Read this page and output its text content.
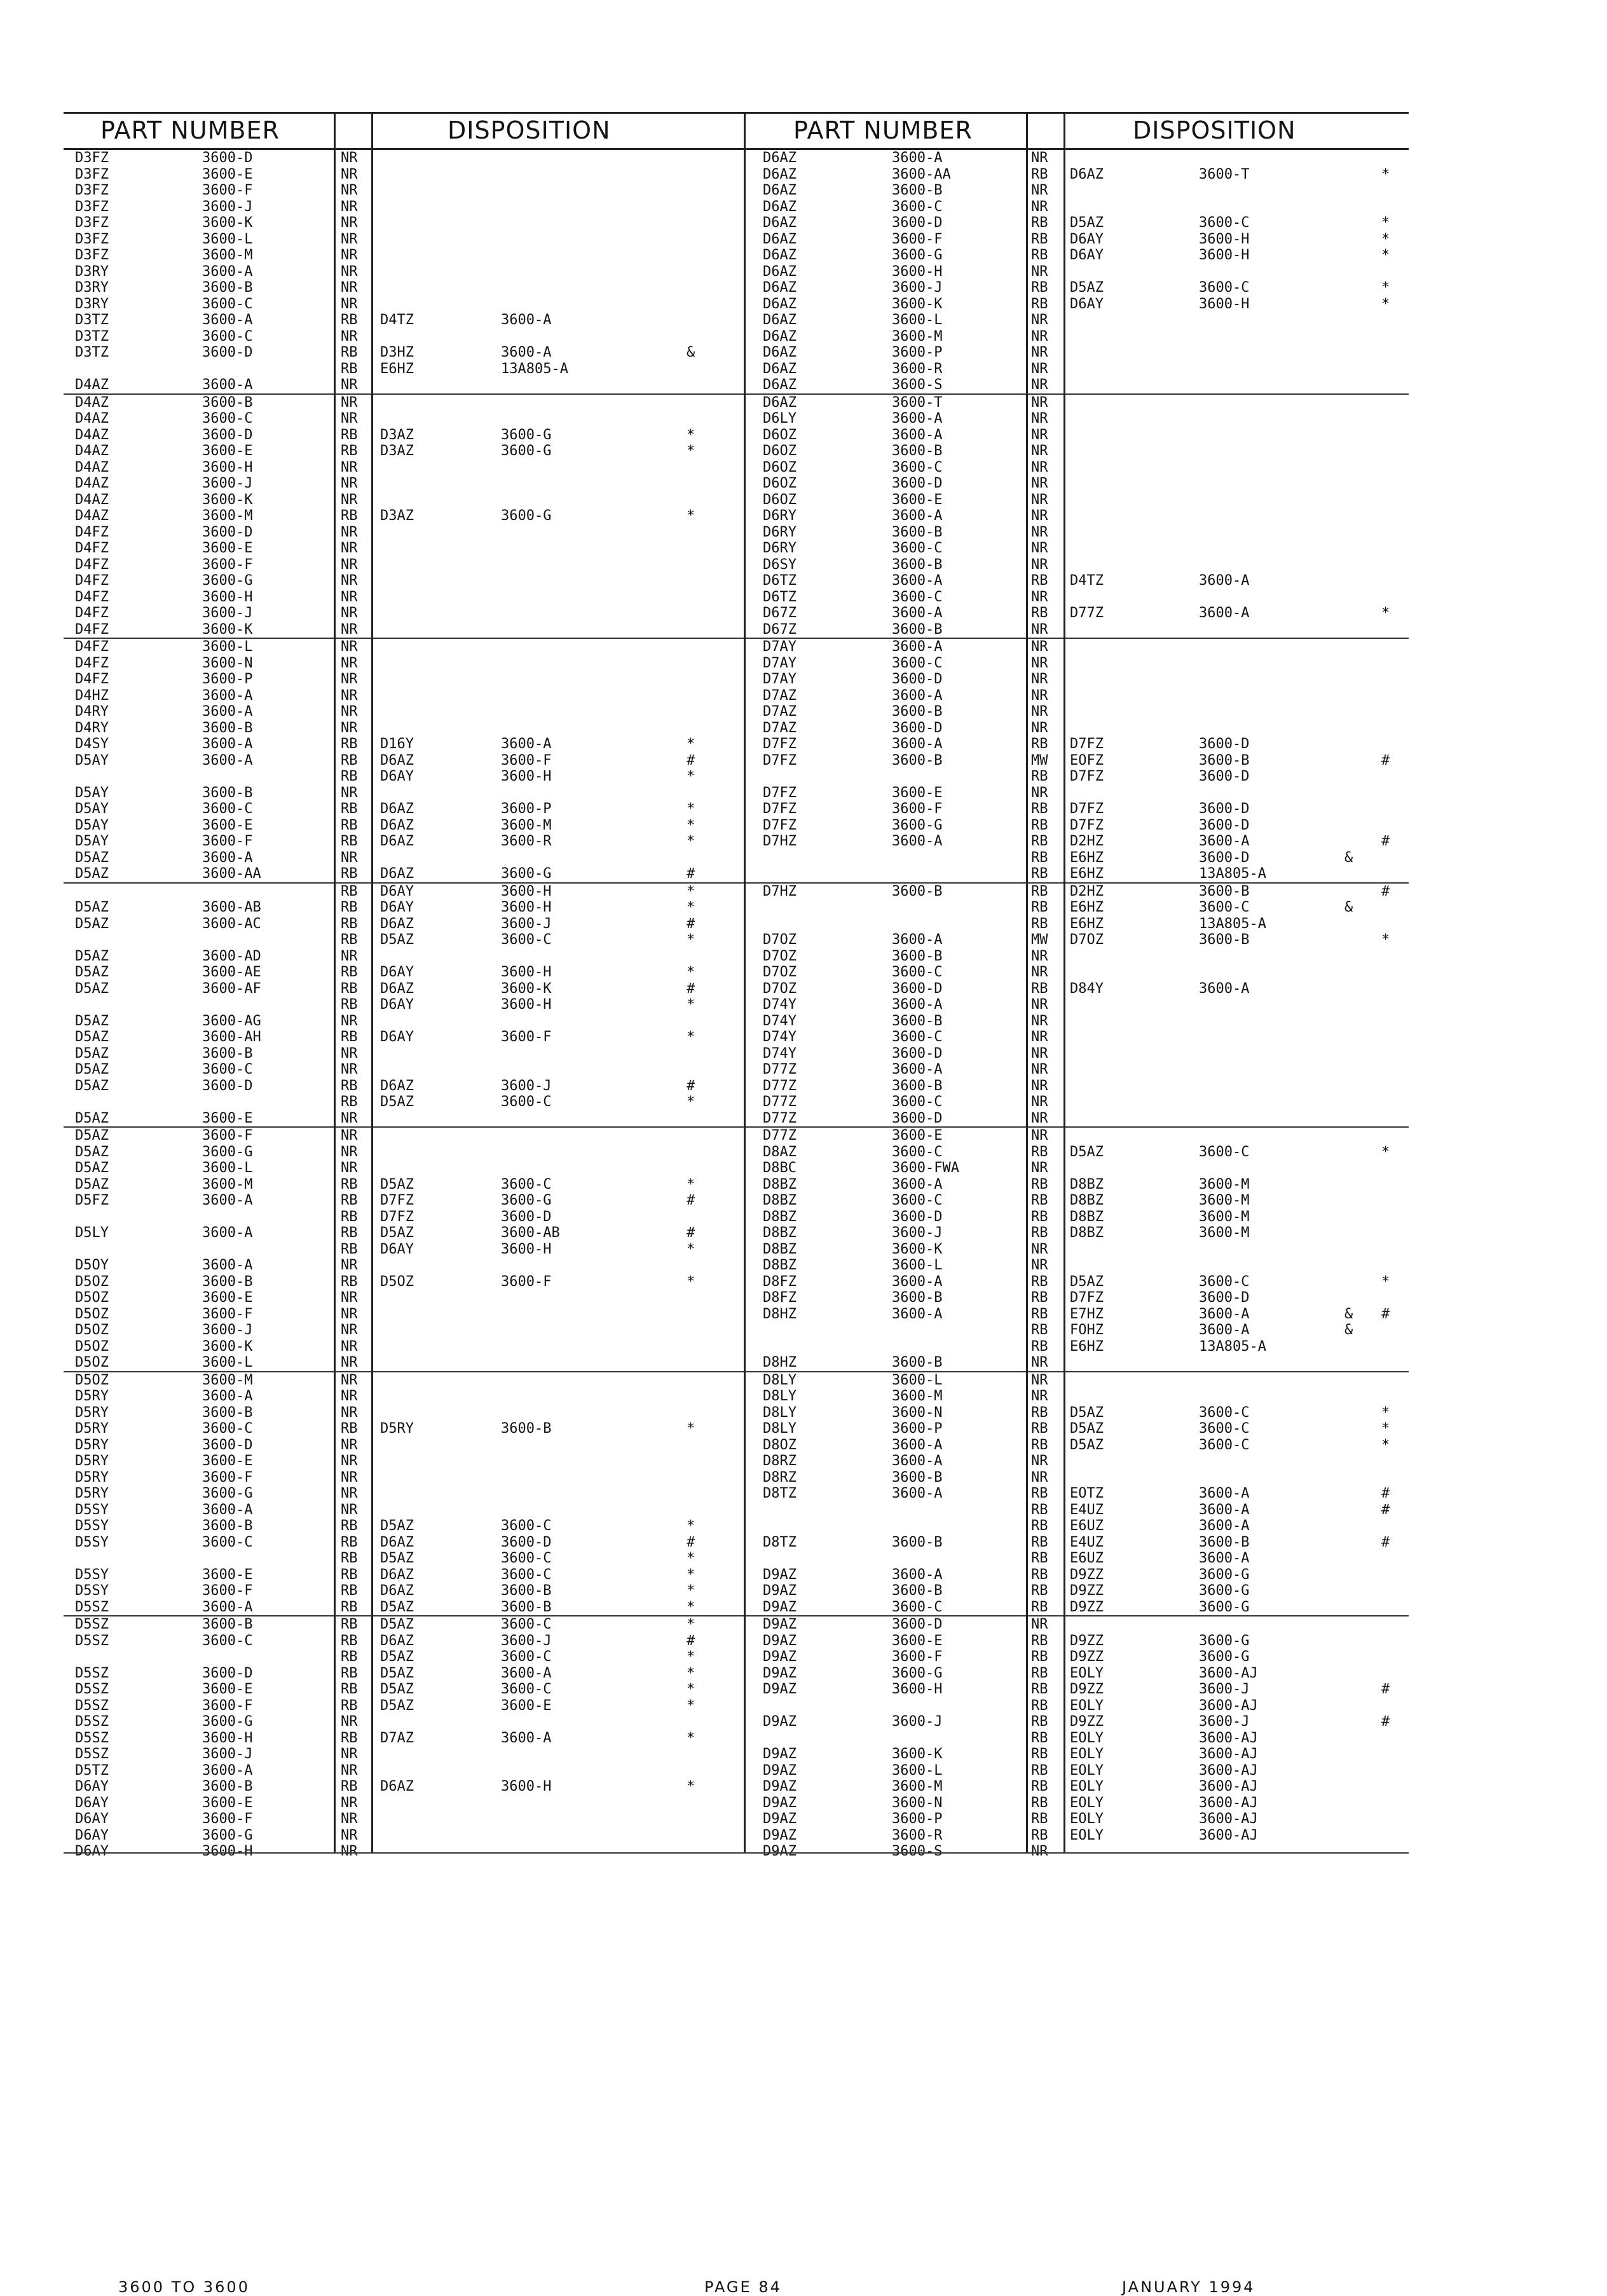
PART NUMBER	DISPOSITION
D3FZ	3600-D	NR
D3FZ	3600-E	NR
D3FZ	3600-F	NR
D3FZ	3600-J	NR
D3FZ	3600-K	NR
D3FZ	3600-L	NR
D3FZ	3600-M	NR
D3RY	3600-A	NR
D3RY	3600-B	NR
D3RY	3600-C	NR
D3TZ	3600-A	RB D4TZ	3600-A
D3TZ	3600-C	NR
D3TZ	3600-D	RB D3HZ	3600-A	&
RB E6HZ	13A805-A
D4AZ	3600-A	NR
D4AZ	3600-B	NR
D4AZ	3600-C	NR
D4AZ	3600-D	RB D3AZ	3600-G	*
D4AZ	3600-E	RB D3AZ	3600-G	*
D4AZ	3600-H	NR
D4AZ	3600-J	NR
D4AZ	3600-K	NR
D4AZ	3600-M	RB D3AZ	3600-G	*
D4FZ	3600-D	NR
D4FZ	3600-E	NR
D4FZ	3600-F	NR
D4FZ	3600-G	NR
D4FZ	3600-H	NR
D4FZ	3600-J	NR
D4FZ	3600-K	NR
D4FZ	3600-L	NR
D4FZ	3600-N	NR
D4FZ	3600-P	NR
D4HZ	3600-A	NR
D4RY	3600-A	NR
D4RY	3600-B	NR
D4SY	3600-A	RB D16Y	3600-A	*
D5AY	3600-A	RB D6AZ	3600-F	#
RB D6AY	3600-H	*
D5AY	3600-B	NR
D5AY	3600-C	RB D6AZ	3600-P	*
D5AY	3600-E	RB D6AZ	3600-M	*
D5AY	3600-F	RB D6AZ	3600-R	*
D5AZ	3600-A	NR
D5AZ	3600-AA	RB D6AZ	3600-G	#
RB D6AY	3600-H	*
D5AZ	3600-AB	RB D6AY	3600-H	*
D5AZ	3600-AC	RB D6AZ	3600-J	#
RB D5AZ	3600-C	*
D5AZ	3600-AD	NR
D5AZ	3600-AE	RB D6AY	3600-H	*
D5AZ	3600-AF	RB D6AZ	3600-K	#
RB D6AY	3600-H	*
D5AZ	3600-AG	NR
D5AZ	3600-AH	RB D6AY	3600-F	*
D5AZ	3600-B	NR
D5AZ	3600-C	NR
D5AZ	3600-D	RB D6AZ	3600-J	#
RB D5AZ	3600-C	*
D5AZ	3600-E	NR
D5AZ	3600-F	NR
D5AZ	3600-G	NR
D5AZ	3600-L	NR
D5AZ	3600-M	RB D5AZ	3600-C	*
D5FZ	3600-A	RB D7FZ	3600-G	#
RB D7FZ	3600-D
D5LY	3600-A	RB D5AZ	3600-AB	#
RB D6AY	3600-H	*
D5OY	3600-A	NR
D5OZ	3600-B	RB D5OZ	3600-F	*
D5OZ	3600-E	NR
D5OZ	3600-F	NR
D5OZ	3600-J	NR
D5OZ	3600-K	NR
D5OZ	3600-L	NR
D5OZ	3600-M	NR
D5RY	3600-A	NR
D5RY	3600-B	NR
D5RY	3600-C	RB D5RY	3600-B	*
D5RY	3600-D	NR
D5RY	3600-E	NR
D5RY	3600-F	NR
D5RY	3600-G	NR
D5SY	3600-A	NR
D5SY	3600-B	RB D5AZ	3600-C	*
D5SY	3600-C	RB D6AZ	3600-D	#
RB D5AZ	3600-C	*
D5SY	3600-E	RB D6AZ	3600-C	*
D5SY	3600-F	RB D6AZ	3600-B	*
D5SZ	3600-A	RB D5AZ	3600-B	*
D5SZ	3600-B	RB D5AZ	3600-C	*
D5SZ	3600-C	RB D6AZ	3600-J	#
RB D5AZ	3600-C	*
D5SZ	3600-D	RB D5AZ	3600-A	*
D5SZ	3600-E	RB D5AZ	3600-C	*
D5SZ	3600-F	RB D5AZ	3600-E	*
D5SZ	3600-G	NR
D5SZ	3600-H	RB D7AZ	3600-A	*
D5SZ	3600-J	NR
D5TZ	3600-A	NR
D6AY	3600-B	RB D6AZ	3600-H	*
D6AY	3600-E	NR
D6AY	3600-F	NR
D6AY	3600-G	NR
D6AY	3600-H	NR
PART NUMBER	DISPOSITION
D6AZ	3600-A	NR
D6AZ	3600-AA	RB D6AZ	3600-T	*
D6AZ	3600-B	NR
D6AZ	3600-C	NR
D6AZ	3600-D	RB D5AZ	3600-C	*
D6AZ	3600-F	RB D6AY	3600-H	*
D6AZ	3600-G	RB D6AY	3600-H	*
D6AZ	3600-H	NR
D6AZ	3600-J	RB D5AZ	3600-C	*
D6AZ	3600-K	RB D6AY	3600-H	*
D6AZ	3600-L	NR
D6AZ	3600-M	NR
D6AZ	3600-P	NR
D6AZ	3600-R	NR
D6AZ	3600-S	NR
D6AZ	3600-T	NR
D6LY	3600-A	NR
D6OZ	3600-A	NR
D6OZ	3600-B	NR
D6OZ	3600-C	NR
D6OZ	3600-D	NR
D6OZ	3600-E	NR
D6RY	3600-A	NR
D6RY	3600-B	NR
D6RY	3600-C	NR
D6SY	3600-B	NR
D6TZ	3600-A	RB D4TZ	3600-A
D6TZ	3600-C	NR
D67Z	3600-A	RB D77Z	3600-A	*
D67Z	3600-B	NR
D7AY	3600-A	NR
D7AY	3600-C	NR
D7AY	3600-D	NR
D7AZ	3600-A	NR
D7AZ	3600-B	NR
D7AZ	3600-D	NR
D7FZ	3600-A	RB D7FZ	3600-D
D7FZ	3600-B	MW EOFZ	3600-B	#
RB D7FZ	3600-D
D7FZ	3600-E	NR
D7FZ	3600-F	RB D7FZ	3600-D
D7FZ	3600-G	RB D7FZ	3600-D
D7HZ	3600-A	RB D2HZ	3600-A	#
RB E6HZ	3600-D	&
RB E6HZ	13A805-A
D7HZ	3600-B	RB D2HZ	3600-B	#
RB E6HZ	3600-C	&
RB E6HZ	13A805-A
D7OZ	3600-A	MW D7OZ	3600-B	*
D7OZ	3600-B	NR
D7OZ	3600-C	NR
D7OZ	3600-D	RB D84Y	3600-A
D74Y	3600-A	NR
D74Y	3600-B	NR
D74Y	3600-C	NR
D74Y	3600-D	NR
D77Z	3600-A	NR
D77Z	3600-B	NR
D77Z	3600-C	NR
D77Z	3600-D	NR
D77Z	3600-E	NR
D8AZ	3600-C	RB D5AZ	3600-C	*
D8BC	3600-FWA	NR
D8BZ	3600-A	RB D8BZ	3600-M
D8BZ	3600-C	RB D8BZ	3600-M
D8BZ	3600-D	RB D8BZ	3600-M
D8BZ	3600-J	RB D8BZ	3600-M
D8BZ	3600-K	NR
D8BZ	3600-L	NR
D8FZ	3600-A	RB D5AZ	3600-C	*
D8FZ	3600-B	RB D7FZ	3600-D
D8HZ	3600-A	RB E7HZ	3600-A	& #
RB FOHZ	3600-A	&
RB E6HZ	13A805-A
D8HZ	3600-B	NR
D8LY	3600-L	NR
D8LY	3600-M	NR
D8LY	3600-N	RB D5AZ	3600-C	*
D8LY	3600-P	RB D5AZ	3600-C	*
D8OZ	3600-A	RB D5AZ	3600-C	*
D8RZ	3600-A	NR
D8RZ	3600-B	NR
D8TZ	3600-A	RB EOTZ	3600-A	#
RB E4UZ	3600-A	#
RB E6UZ	3600-A
D8TZ	3600-B	RB E4UZ	3600-B	#
RB E6UZ	3600-A
D9AZ	3600-A	RB D9ZZ	3600-G
D9AZ	3600-B	RB D9ZZ	3600-G
D9AZ	3600-C	RB D9ZZ	3600-G
D9AZ	3600-D	NR
D9AZ	3600-E	RB D9ZZ	3600-G
D9AZ	3600-F	RB D9ZZ	3600-G
D9AZ	3600-G	RB EOLY	3600-AJ
D9AZ	3600-H	RB D9ZZ	3600-J	#
RB EOLY	3600-AJ
D9AZ	3600-J	RB D9ZZ	3600-J	#
RB EOLY	3600-AJ
D9AZ	3600-K	RB EOLY	3600-AJ
D9AZ	3600-L	RB EOLY	3600-AJ
D9AZ	3600-M	RB EOLY	3600-AJ
D9AZ	3600-N	RB EOLY	3600-AJ
D9AZ	3600-P	RB EOLY	3600-AJ
D9AZ	3600-R	RB EOLY	3600-AJ
D9AZ	3600-S	NR
3600 TO 3600	PAGE 84	JANUARY 1994
